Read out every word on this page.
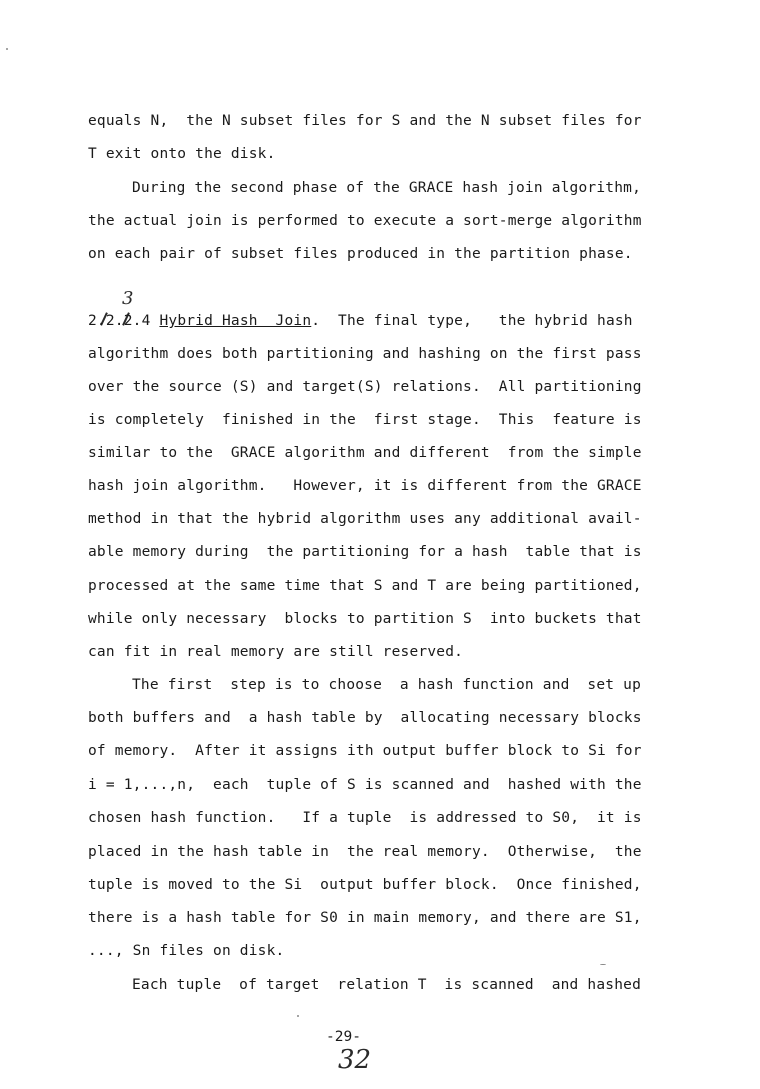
equals N,  the N subset files for S and the N subset files for
T exit onto the disk.
During the second phase of the GRACE hash join algorithm,
the actual join is performed to execute a sort-merge algorithm
on each pair of subset files produced in the partition phase.
3
2.2.2.4 Hybrid Hash  Join.  The final type,   the hybrid hash
algorithm does both partitioning and hashing on the first pass
over the source (S) and target(S) relations.  All partitioning
is completely  finished in the  first stage.  This  feature is
similar to the  GRACE algorithm and different  from the simple
hash join algorithm.   However, it is different from the GRACE
method in that the hybrid algorithm uses any additional avail-
able memory during  the partitioning for a hash  table that is
processed at the same time that S and T are being partitioned,
while only necessary  blocks to partition S  into buckets that
can fit in real memory are still reserved.
The first  step is to choose  a hash function and  set up
both buffers and  a hash table by  allocating necessary blocks
of memory.  After it assigns ith output buffer block to Si for
i = 1,...,n,  each  tuple of S is scanned and  hashed with the
chosen hash function.   If a tuple  is addressed to S0,  it is
placed in the hash table in  the real memory.  Otherwise,  the
tuple is moved to the Si  output buffer block.  Once finished,
there is a hash table for S0 in main memory, and there are S1,
..., Sn files on disk.
Each tuple  of target  relation T  is scanned  and hashed
-29-
32
